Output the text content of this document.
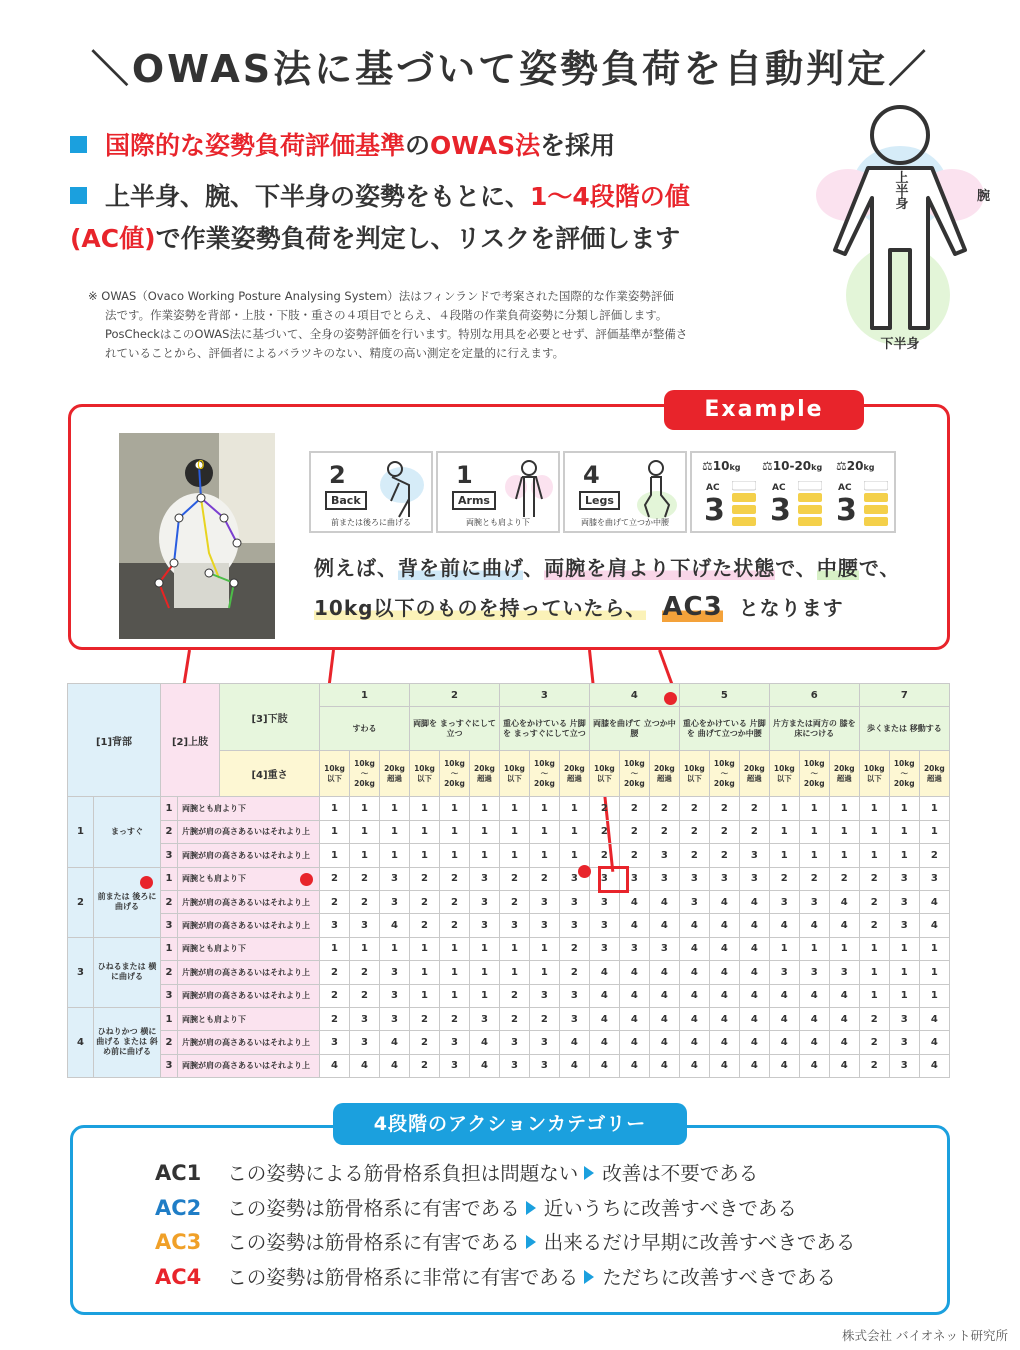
＼OWAS法に基づいて姿勢負荷を自動判定／
国際的な姿勢負荷評価基準のOWAS法を採用
上半身、腕、下半身の姿勢をもとに、1〜4段階の値
(AC値)で作業姿勢負荷を判定し、リスクを評価します
※ OWAS（Ovaco Working Posture Analysing System）法はフィンランドで考案された国際的な作業姿勢評価
法です。作業姿勢を背部・上肢・下肢・重さの４項目でとらえ、４段階の作業負荷姿勢に分類し評価します。
PosCheckはこのOWAS法に基づいて、全身の姿勢評価を行います。特別な用具を必要とせず、評価基準が整備さ
れていることから、評価者によるバラツキのない、精度の高い測定を定量的に行えます。
上半身	腕
下半身
Example
0	2
Back
前または後ろに曲げる
1
Arms
両腕とも肩より下
4
Legs
両膝を曲げて立つか中腰
⚖10kg ⚖10-20kg ⚖20kg
AC	AC	AC
3 3 3
例えば、背を前に曲げ、両腕を肩より下げた状態で、中腰で、
10kg以下のものを持っていたら、 AC3 となります
[1]背部		[2]上肢		[3]下肢	1			2			3			4			5			6			7		
					すわる			両脚を まっすぐにして立つ			重心をかけている 片脚を まっすぐにして立つ			両膝を曲げて 立つか中腰			重心をかけている 片脚を 曲げて立つか中腰			片方または両方の 膝を床につける			歩くまたは 移動する		
				[4]重さ	10kg 以下	10kg 〜 20kg	20kg 超過	10kg 以下	10kg 〜 20kg	20kg 超過	10kg 以下	10kg 〜 20kg	20kg 超過	10kg 以下	10kg 〜 20kg	20kg 超過	10kg 以下	10kg 〜 20kg	20kg 超過	10kg 以下	10kg 〜 20kg	20kg 超過	10kg 以下	10kg 〜 20kg	20kg 超過
1	まっすぐ	1	両腕とも肩より下		1	1	1	1	1	1	1	1	1	2	2	2	2	2	2	1	1	1	1	1	1
		2	片腕が肩の高さあるいはそれより上		1	1	1	1	1	1	1	1	1	2	2	2	2	2	2	1	1	1	1	1	1
		3	両腕が肩の高さあるいはそれより上		1	1	1	1	1	1	1	1	1	2	2	3	2	2	3	1	1	1	1	1	2
2	前または 後ろに曲げる	1	両腕とも肩より下		2	2	3	2	2	3	2	2	3	3	3	3	3	3	3	2	2	2	2	3	3
		2	片腕が肩の高さあるいはそれより上		2	2	3	2	2	3	2	3	3	3	4	4	3	4	4	3	3	4	2	3	4
		3	両腕が肩の高さあるいはそれより上		3	3	4	2	2	3	3	3	3	3	4	4	4	4	4	4	4	4	2	3	4
3	ひねるまたは 横に曲げる	1	両腕とも肩より下		1	1	1	1	1	1	1	1	2	3	3	3	4	4	4	1	1	1	1	1	1
		2	片腕が肩の高さあるいはそれより上		2	2	3	1	1	1	1	1	2	4	4	4	4	4	4	3	3	3	1	1	1
		3	両腕が肩の高さあるいはそれより上		2	2	3	1	1	1	2	3	3	4	4	4	4	4	4	4	4	4	1	1	1
4	ひねりかつ 横に曲げる または 斜め前に曲げる	1	両腕とも肩より下		2	3	3	2	2	3	2	2	3	4	4	4	4	4	4	4	4	4	2	3	4
		2	片腕が肩の高さあるいはそれより上		3	3	4	2	3	4	3	3	4	4	4	4	4	4	4	4	4	4	2	3	4
		3	両腕が肩の高さあるいはそれより上		4	4	4	2	3	4	3	3	4	4	4	4	4	4	4	4	4	4	2	3	4
4段階のアクションカテゴリー
AC1 この姿勢による筋骨格系負担は問題ない 改善は不要である
AC2 この姿勢は筋骨格系に有害である 近いうちに改善すべきである
AC3 この姿勢は筋骨格系に有害である 出来るだけ早期に改善すべきである
AC4 この姿勢は筋骨格系に非常に有害である ただちに改善すべきである
株式会社 バイオネット研究所
